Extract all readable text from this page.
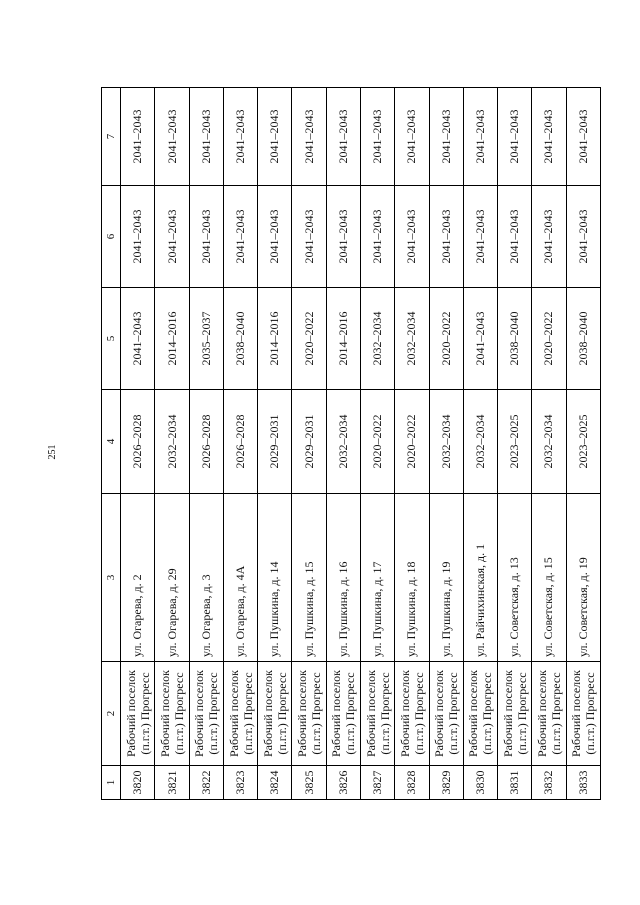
251
1	2	3	4	5	6	7
3820	Рабочий поселок
(п.г.т.) Прогресс	ул. Огарева, д. 2	2026–2028	2041–2043	2041–2043	2041–2043
3821	Рабочий поселок
(п.г.т.) Прогресс	ул. Огарева, д. 29	2032–2034	2014–2016	2041–2043	2041–2043
3822	Рабочий поселок
(п.г.т.) Прогресс	ул. Огарева, д. 3	2026–2028	2035–2037	2041–2043	2041–2043
3823	Рабочий поселок
(п.г.т.) Прогресс	ул. Огарева, д. 4А	2026–2028	2038–2040	2041–2043	2041–2043
3824	Рабочий поселок
(п.г.т.) Прогресс	ул. Пушкина, д. 14	2029–2031	2014–2016	2041–2043	2041–2043
3825	Рабочий поселок
(п.г.т.) Прогресс	ул. Пушкина, д. 15	2029–2031	2020–2022	2041–2043	2041–2043
3826	Рабочий поселок
(п.г.т.) Прогресс	ул. Пушкина, д. 16	2032–2034	2014–2016	2041–2043	2041–2043
3827	Рабочий поселок
(п.г.т.) Прогресс	ул. Пушкина, д. 17	2020–2022	2032–2034	2041–2043	2041–2043
3828	Рабочий поселок
(п.г.т.) Прогресс	ул. Пушкина, д. 18	2020–2022	2032–2034	2041–2043	2041–2043
3829	Рабочий поселок
(п.г.т.) Прогресс	ул. Пушкина, д. 19	2032–2034	2020–2022	2041–2043	2041–2043
3830	Рабочий поселок
(п.г.т.) Прогресс	ул. Райчихинская, д. 1	2032–2034	2041–2043	2041–2043	2041–2043
3831	Рабочий поселок
(п.г.т.) Прогресс	ул. Советская, д. 13	2023–2025	2038–2040	2041–2043	2041–2043
3832	Рабочий поселок
(п.г.т.) Прогресс	ул. Советская, д. 15	2032–2034	2020–2022	2041–2043	2041–2043
3833	Рабочий поселок
(п.г.т.) Прогресс	ул. Советская, д. 19	2023–2025	2038–2040	2041–2043	2041–2043
